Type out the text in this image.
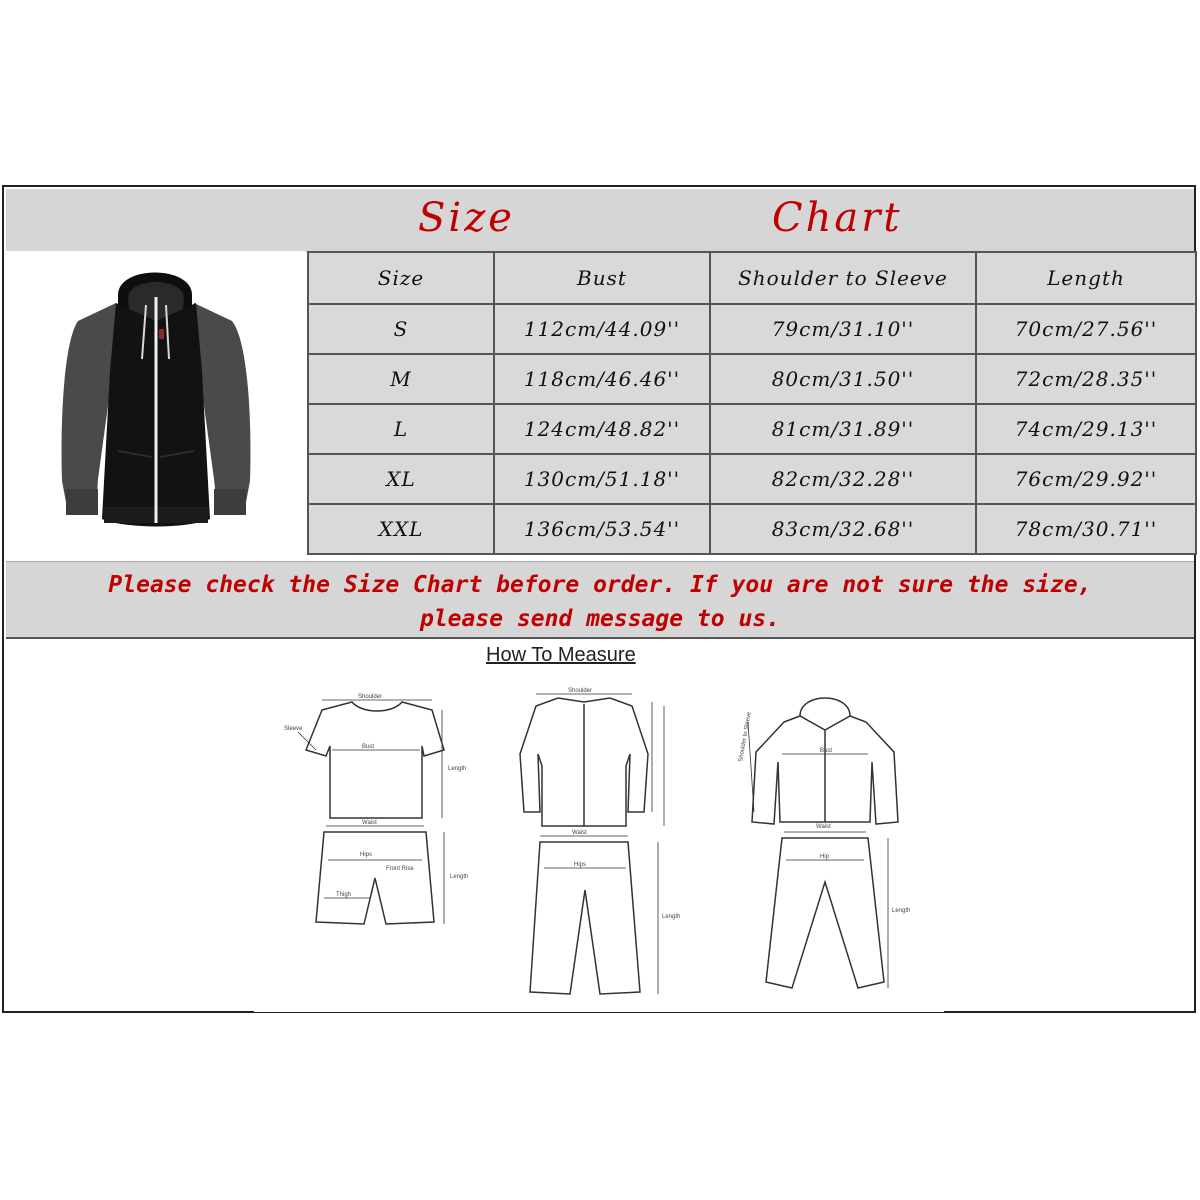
Size	Chart
Size	Bust	Shoulder to Sleeve	Length
S	112cm/44.09''	79cm/31.10''	70cm/27.56''
M	118cm/46.46''	80cm/31.50''	72cm/28.35''
L	124cm/48.82''	81cm/31.89''	74cm/29.13''
XL	130cm/51.18''	82cm/32.28''	76cm/29.92''
XXL	136cm/53.54''	83cm/32.68''	78cm/30.71''
Please check the Size Chart before order. If you are not sure the size,
please send message to us.
Shoulder
Sleeve
Bust
Length
Waist
Hips
Front Rise
Thigh
Length
Shoulder
Waist
Hips
Length
Shoulder to Sleeve	Bust
Waist
Hip
Length
How To Measure
